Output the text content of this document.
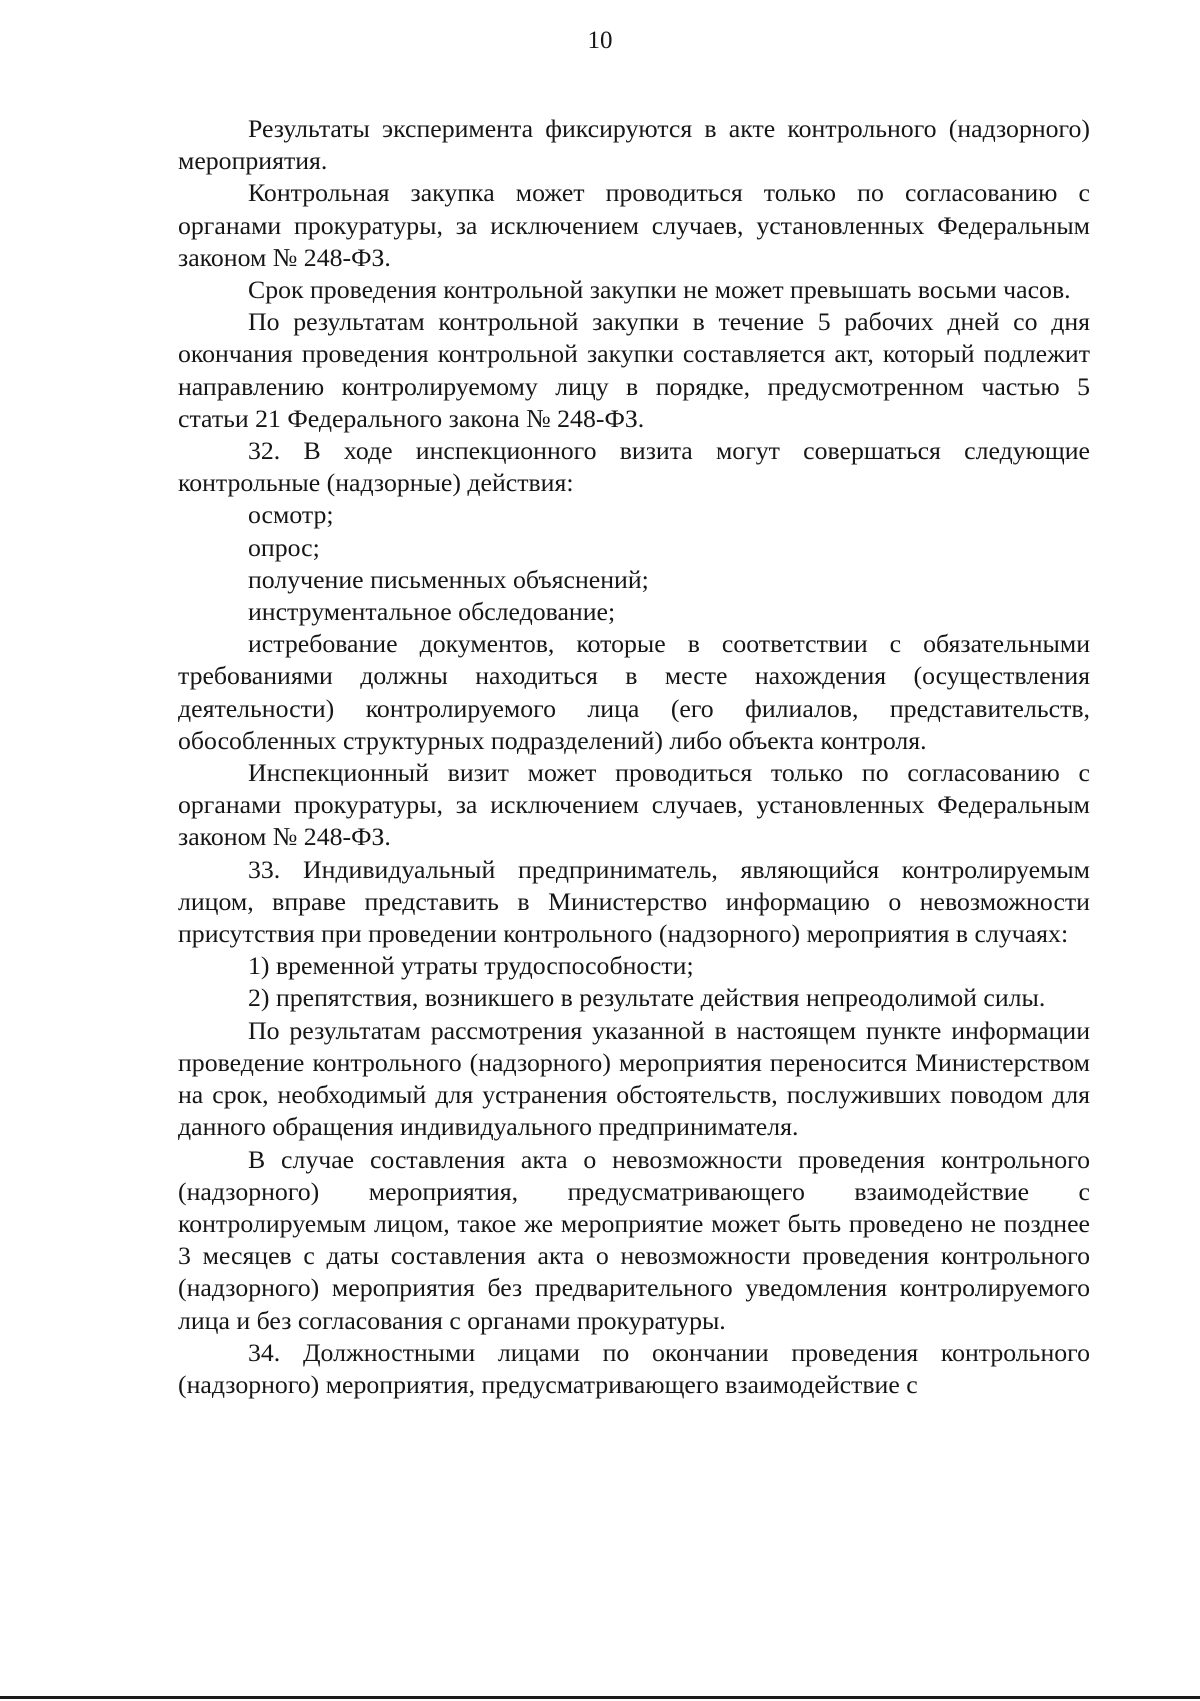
10

Результаты эксперимента фиксируются в акте контрольного (надзорного) мероприятия.

Контрольная закупка может проводиться только по согласованию с органами прокуратуры, за исключением случаев, установленных Федеральным законом № 248-ФЗ.

Срок проведения контрольной закупки не может превышать восьми часов.

По результатам контрольной закупки в течение 5 рабочих дней со дня окончания проведения контрольной закупки составляется акт, который подлежит направлению контролируемому лицу в порядке, предусмотренном частью 5 статьи 21 Федерального закона № 248-ФЗ.

32. В ходе инспекционного визита могут совершаться следующие контрольные (надзорные) действия:

осмотр;

опрос;

получение письменных объяснений;

инструментальное обследование;

истребование документов, которые в соответствии с обязательными требованиями должны находиться в месте нахождения (осуществления деятельности) контролируемого лица (его филиалов, представительств, обособленных структурных подразделений) либо объекта контроля.

Инспекционный визит может проводиться только по согласованию с органами прокуратуры, за исключением случаев, установленных Федеральным законом № 248-ФЗ.

33. Индивидуальный предприниматель, являющийся контролируемым лицом, вправе представить в Министерство информацию о невозможности присутствия при проведении контрольного (надзорного) мероприятия в случаях:

1) временной утраты трудоспособности;

2) препятствия, возникшего в результате действия непреодолимой силы.

По результатам рассмотрения указанной в настоящем пункте информации проведение контрольного (надзорного) мероприятия переносится Министерством на срок, необходимый для устранения обстоятельств, послуживших поводом для данного обращения индивидуального предпринимателя.

В случае составления акта о невозможности проведения контрольного (надзорного) мероприятия, предусматривающего взаимодействие с контролируемым лицом, такое же мероприятие может быть проведено не позднее 3 месяцев с даты составления акта о невозможности проведения контрольного (надзорного) мероприятия без предварительного уведомления контролируемого лица и без согласования с органами прокуратуры.

34. Должностными лицами по окончании проведения контрольного (надзорного) мероприятия, предусматривающего взаимодействие с
